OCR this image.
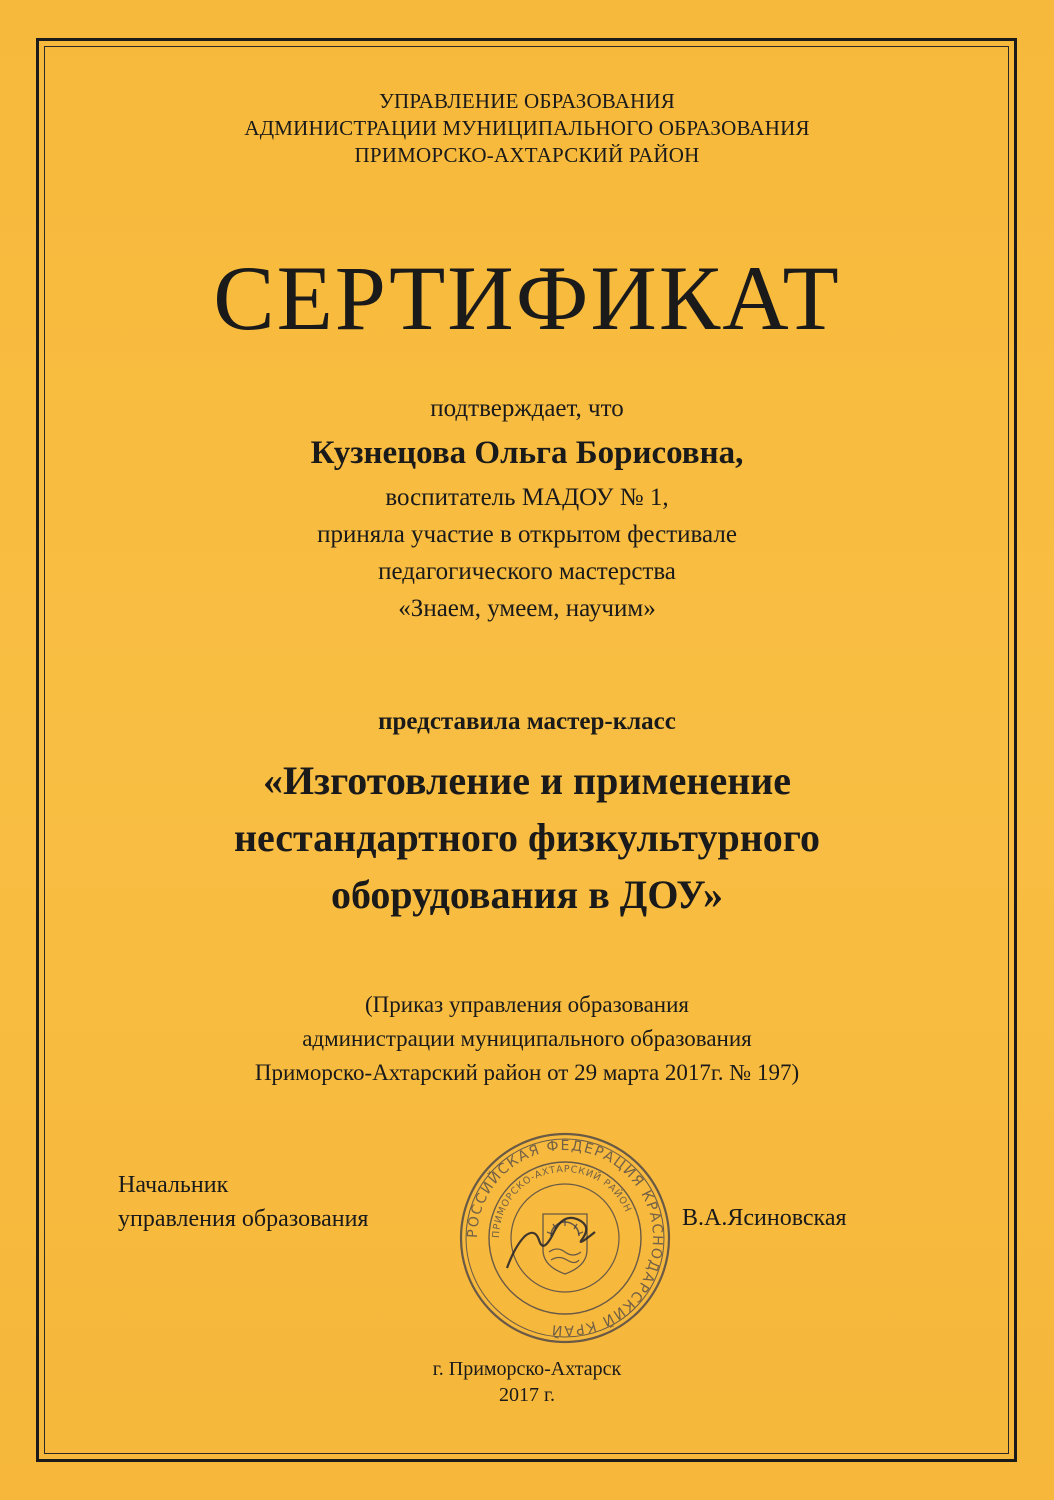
УПРАВЛЕНИЕ ОБРАЗОВАНИЯ
АДМИНИСТРАЦИИ МУНИЦИПАЛЬНОГО ОБРАЗОВАНИЯ
ПРИМОРСКО-АХТАРСКИЙ РАЙОН
СЕРТИФИКАТ
подтверждает, что
Кузнецова Ольга Борисовна,
воспитатель МАДОУ № 1,
приняла участие в открытом фестивале
педагогического мастерства
«Знаем, умеем, научим»
представила мастер-класс
«Изготовление и применение
нестандартного физкультурного
оборудования в ДОУ»
(Приказ управления образования
администрации муниципального образования
Приморско-Ахтарский район от 29 марта 2017г. № 197)
Начальник
управления образования
РОССИЙСКАЯ ФЕДЕРАЦИЯ КРАСНОДАРСКИЙ КРАЙ
ПРИМОРСКО-АХТАРСКИЙ РАЙОН В.А.Ясиновская
г. Приморско-Ахтарск
2017 г.
